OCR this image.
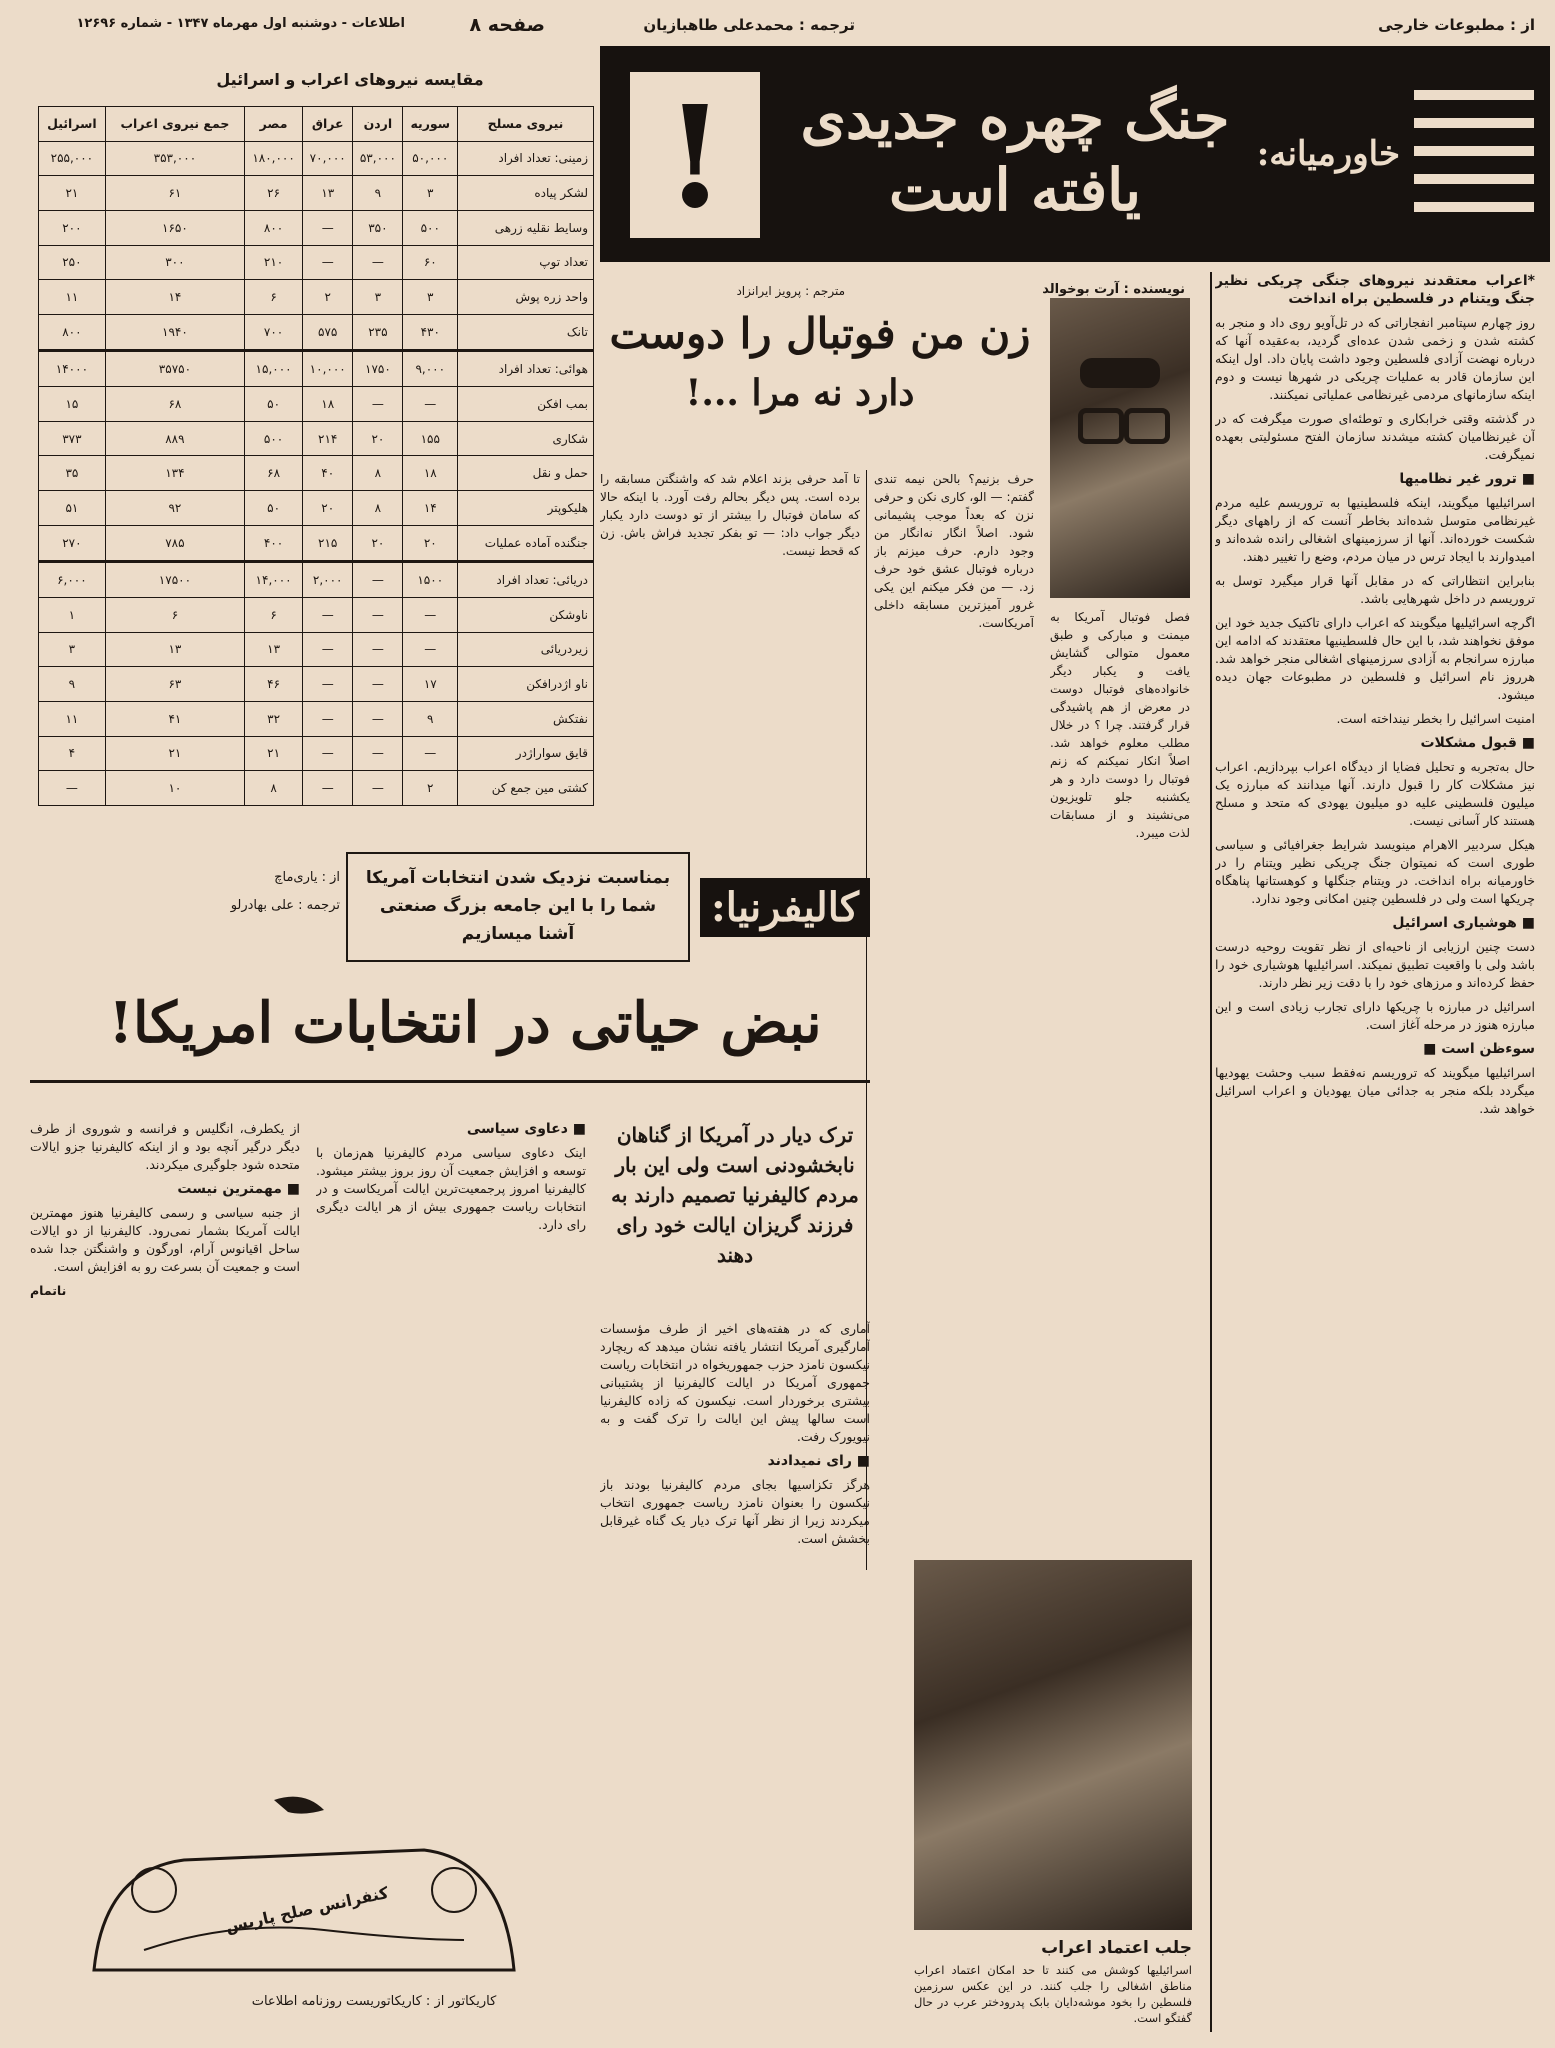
از : مطبوعات خارجی
ترجمه : محمدعلی طاهبازیان
صفحه ۸
اطلاعات - دوشنبه اول مهرماه ۱۳۴۷ - شماره ۱۲۶۹۶
خاورمیانه:
جنگ چهره جدیدی
یافته است
!
مقایسه نیروهای اعراب و اسرائیل
نیروی مسلح	سوریه	اردن	عراق	مصر	جمع نیروی اعراب	اسرائیل
زمینی: تعداد افراد	۵۰,۰۰۰	۵۳,۰۰۰	۷۰,۰۰۰	۱۸۰,۰۰۰	۳۵۳,۰۰۰	۲۵۵,۰۰۰
لشکر پیاده	۳	۹	۱۳	۲۶	۶۱	۲۱
وسایط نقلیه زرهی	۵۰۰	۳۵۰	—	۸۰۰	۱۶۵۰	۲۰۰
تعداد توپ	۶۰	—	—	۲۱۰	۳۰۰	۲۵۰
واحد زره پوش	۳	۳	۲	۶	۱۴	۱۱
تانک	۴۳۰	۲۳۵	۵۷۵	۷۰۰	۱۹۴۰	۸۰۰
هوائی: تعداد افراد	۹,۰۰۰	۱۷۵۰	۱۰,۰۰۰	۱۵,۰۰۰	۳۵۷۵۰	۱۴۰۰۰
بمب افکن	—	—	۱۸	۵۰	۶۸	۱۵
شکاری	۱۵۵	۲۰	۲۱۴	۵۰۰	۸۸۹	۳۷۳
حمل و نقل	۱۸	۸	۴۰	۶۸	۱۳۴	۳۵
هلیکوپتر	۱۴	۸	۲۰	۵۰	۹۲	۵۱
جنگنده آماده عملیات	۲۰	۲۰	۲۱۵	۴۰۰	۷۸۵	۲۷۰
دریائی: تعداد افراد	۱۵۰۰	—	۲,۰۰۰	۱۴,۰۰۰	۱۷۵۰۰	۶,۰۰۰
ناوشکن	—	—	—	۶	۶	۱
زیردریائی	—	—	—	۱۳	۱۳	۳
ناو اژدرافکن	۱۷	—	—	۴۶	۶۳	۹
نفتکش	۹	—	—	۳۲	۴۱	۱۱
قایق سواراژدر	—	—	—	۲۱	۲۱	۴
کشتی مین جمع کن	۲	—	—	۸	۱۰	—

*اعراب معتقدند نیروهای جنگی چریکی نظیر جنگ ویتنام در فلسطین براه انداخت

روز چهارم سپتامبر انفجاراتی که در تل‌آویو روی داد و منجر به کشته شدن و زخمی شدن عده‌ای گردید، به‌عقیده آنها که درباره نهضت آزادی فلسطین وجود داشت پایان داد. اول اینکه این سازمان قادر به عملیات چریکی در شهرها نیست و دوم اینکه سازمانهای مردمی غیرنظامی عملیاتی نمیکنند.

در گذشته وقتی خرابکاری و توطئه‌ای صورت میگرفت که در آن غیرنظامیان کشته میشدند سازمان الفتح مسئولیتی بعهده نمیگرفت.

■ ترور غیر نظامیها

اسرائیلیها میگویند، اینکه فلسطینیها به تروریسم علیه مردم غیرنظامی متوسل شده‌اند بخاطر آنست که از راههای دیگر شکست خورده‌اند. آنها از سرزمینهای اشغالی رانده شده‌اند و امیدوارند با ایجاد ترس در میان مردم، وضع را تغییر دهند.

بنابراین انتظاراتی که در مقابل آنها قرار میگیرد توسل به تروریسم در داخل شهرهایی باشد.

اگرچه اسرائیلیها میگویند که اعراب دارای تاکتیک جدید خود این موفق نخواهند شد، با این حال فلسطینیها معتقدند که ادامه این مبارزه سرانجام به آزادی سرزمینهای اشغالی منجر خواهد شد. هرروز نام اسرائیل و فلسطین در مطبوعات جهان دیده میشود.

امنیت اسرائیل را بخطر نینداخته است.

■ قبول مشکلات

حال به‌تجربه و تحلیل فضایا از دیدگاه اعراب بپردازیم. اعراب نیز مشکلات کار را قبول دارند. آنها میدانند که مبارزه یک میلیون فلسطینی علیه دو میلیون یهودی که متحد و مسلح هستند کار آسانی نیست.

هیکل سردبیر الاهرام مینویسد شرایط جغرافیائی و سیاسی طوری است که نمیتوان جنگ چریکی نظیر ویتنام را در خاورمیانه براه انداخت. در ویتنام جنگلها و کوهستانها پناهگاه چریکها است ولی در فلسطین چنین امکانی وجود ندارد.

■ هوشیاری اسرائیل

دست چنین ارزیابی از ناحیه‌ای از نظر تقویت روحیه درست باشد ولی با واقعیت تطبیق نمیکند. اسرائیلیها هوشیاری خود را حفظ کرده‌اند و مرزهای خود را با دقت زیر نظر دارند.

اسرائیل در مبارزه با چریکها دارای تجارب زیادی است و این مبارزه هنوز در مرحله آغاز است.

سوءظن است ■

اسرائیلیها میگویند که تروریسم نه‌فقط سبب وحشت یهودیها میگردد بلکه منجر به جدائی میان یهودیان و اعراب اسرائیل خواهد شد.

نویسنده : آرت بوخوالد
مترجم : پرویز ایرانزاد
زن من فوتبال را دوست
دارد نه مرا ...!
فصل فوتبال آمریکا به میمنت و مبارکی و طبق معمول متوالی گشایش یافت و یکبار دیگر خانواده‌های فوتبال دوست در معرض از هم پاشیدگی قرار گرفتند. چرا ؟ در خلال مطلب معلوم خواهد شد. اصلاً انکار نمیکنم که زنم فوتبال را دوست دارد و هر یکشنبه جلو تلویزیون می‌نشیند و از مسابقات لذت میبرد.
حرف بزنیم؟ بالحن نیمه تندی گفتم: — الو، کاری نکن و حرفی نزن که بعداً موجب پشیمانی شود. اصلاً انگار نه‌انگار من وجود دارم. حرف میزنم باز درباره فوتبال عشق خود حرف زد. — من فکر میکنم این یکی غرور آمیزترین مسابقه داخلی آمریکاست.
تا آمد حرفی بزند اعلام شد که واشنگتن مسابقه را برده است. پس دیگر بحالم رفت آورد. با اینکه حالا که سامان فوتبال را بیشتر از تو دوست دارد یکبار دیگر جواب داد: — تو بفکر تجدید فراش باش. زن که قحط نیست.
بمناسبت نزدیک شدن انتخابات آمریکا شما را با این جامعه بزرگ صنعتی آشنا میسازیم
کالیفرنیا:
از : یاری‌ماچ
ترجمه : علی بهادرلو
نبض حیاتی در انتخابات امریکا!
ترک دیار در آمریکا از گناهان نابخشودنی است ولی این بار مردم کالیفرنیا تصمیم دارند به فرزند گریزان ایالت خود رای دهند

آماری که در هفته‌های اخیر از طرف مؤسسات آمارگیری آمریکا انتشار یافته نشان میدهد که ریچارد نیکسون نامزد حزب جمهوریخواه در انتخابات ریاست جمهوری آمریکا در ایالت کالیفرنیا از پشتیبانی بیشتری برخوردار است. نیکسون که زاده کالیفرنیا است سالها پیش این ایالت را ترک گفت و به نیویورک رفت.

■ رای نمیدادند

هرگز تکزاسیها بجای مردم کالیفرنیا بودند باز نیکسون را بعنوان نامزد ریاست جمهوری انتخاب میکردند زیرا از نظر آنها ترک دیار یک گناه غیرقابل بخشش است.

■ دعاوی سیاسی

اینک دعاوی سیاسی مردم کالیفرنیا هم‌زمان با توسعه و افزایش جمعیت آن روز بروز بیشتر میشود. کالیفرنیا امروز پرجمعیت‌ترین ایالت آمریکاست و در انتخابات ریاست جمهوری بیش از هر ایالت دیگری رای دارد.

از یکطرف، انگلیس و فرانسه و شوروی از طرف دیگر درگیر آنچه بود و از اینکه کالیفرنیا جزو ایالات متحده شود جلوگیری میکردند.

■ مهمترین نیست

از جنبه سیاسی و رسمی کالیفرنیا هنوز مهمترین ایالت آمریکا بشمار نمی‌رود. کالیفرنیا از دو ایالات ساحل اقیانوس آرام، اورگون و واشنگتن جدا شده است و جمعیت آن بسرعت رو به افزایش است.

ناتمام

کنفرانس صلح پاریس
کاریکاتور از : کاریکاتوریست روزنامه اطلاعات
جلب اعتماد اعراب
اسرائیلیها کوشش می کنند تا حد امکان اعتماد اعراب مناطق اشغالی را جلب کنند. در این عکس سرزمین فلسطین را بخود موشه‌دایان بابک پدرودختر عرب در حال گفتگو است.
